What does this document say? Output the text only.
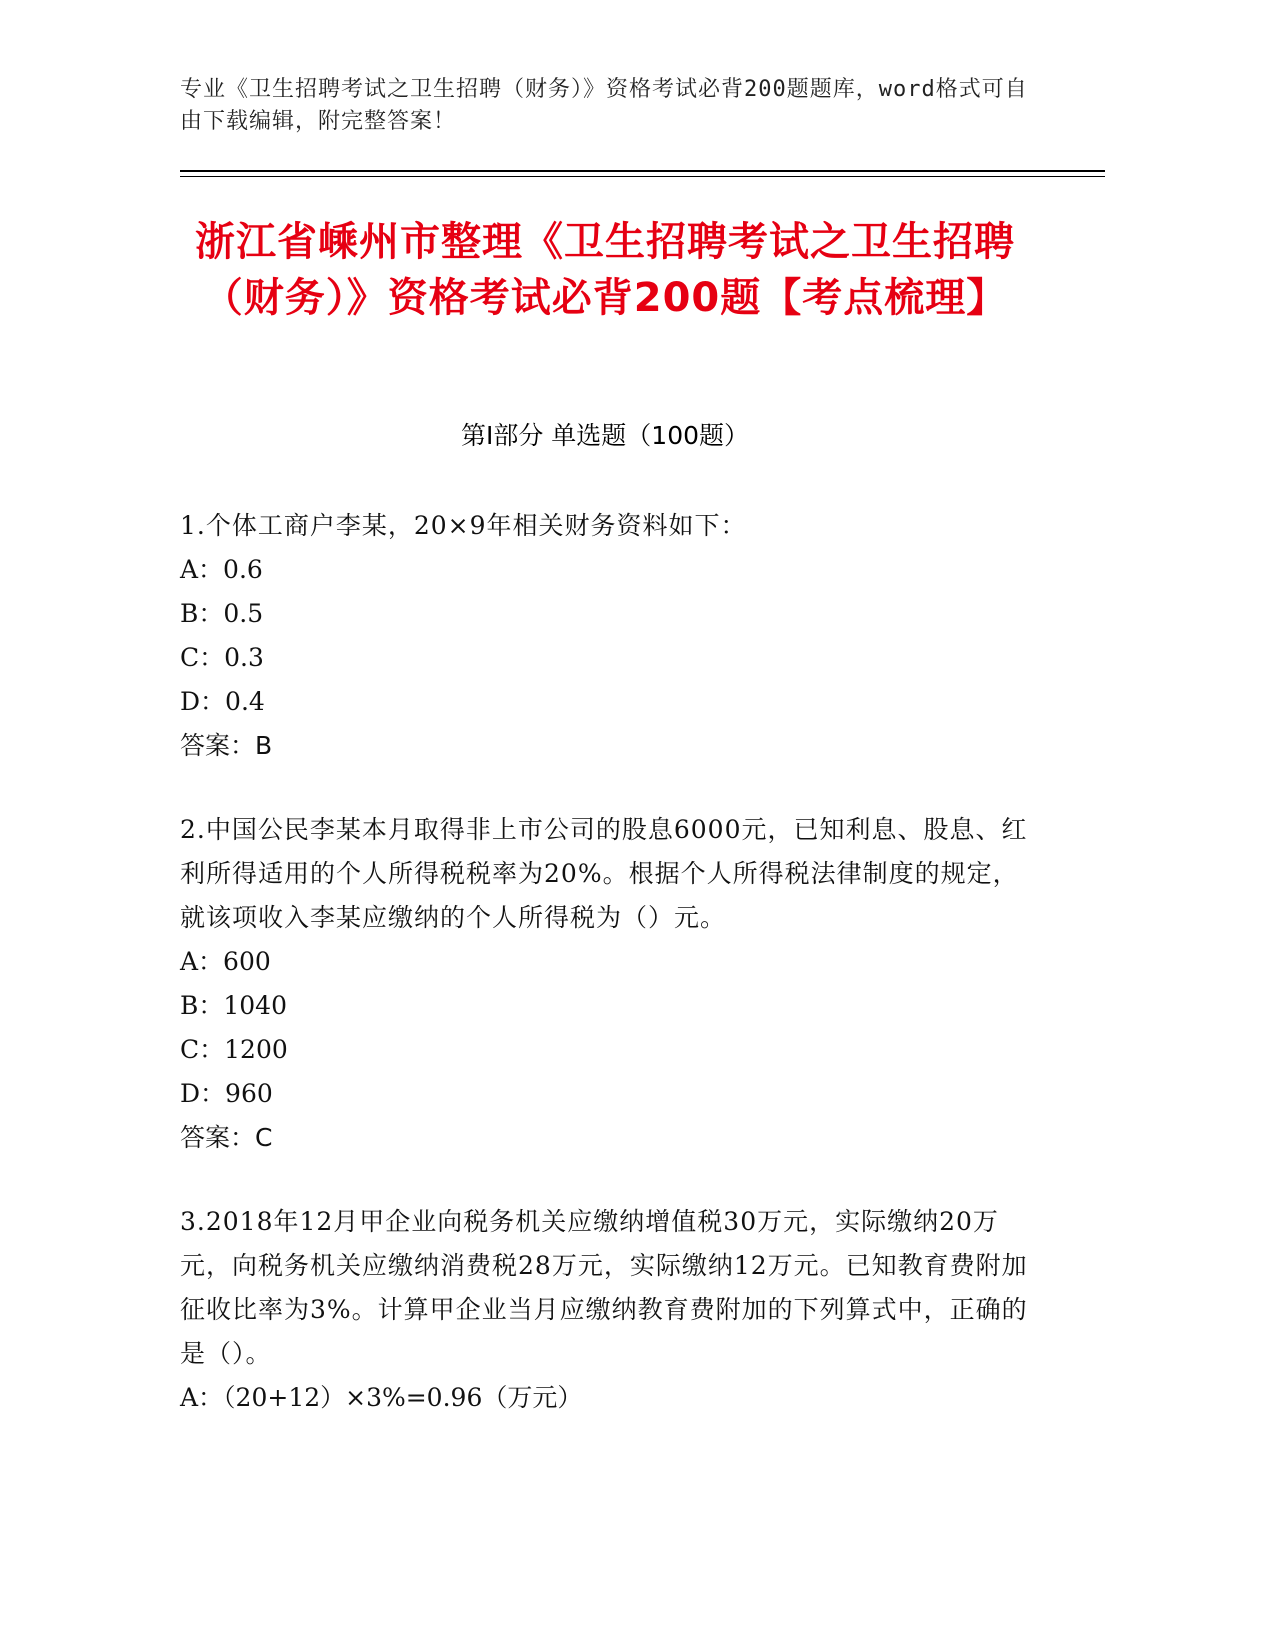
专业《卫生招聘考试之卫生招聘（财务）》资格考试必背200题题库，word格式可自由下载编辑，附完整答案！
浙江省嵊州市整理《卫生招聘考试之卫生招聘（财务）》资格考试必背200题【考点梳理】
第Ⅰ部分 单选题（100题）
1.个体工商户李某，20×9年相关财务资料如下：
A：0.6
B：0.5
C：0.3
D：0.4
答案：B
2.中国公民李某本月取得非上市公司的股息6000元，已知利息、股息、红利所得适用的个人所得税税率为20%。根据个人所得税法律制度的规定，就该项收入李某应缴纳的个人所得税为（）元。
A：600
B：1040
C：1200
D：960
答案：C
3.2018年12月甲企业向税务机关应缴纳增值税30万元，实际缴纳20万元，向税务机关应缴纳消费税28万元，实际缴纳12万元。已知教育费附加征收比率为3%。计算甲企业当月应缴纳教育费附加的下列算式中，正确的是（）。
A：（20+12）×3%=0.96（万元）
